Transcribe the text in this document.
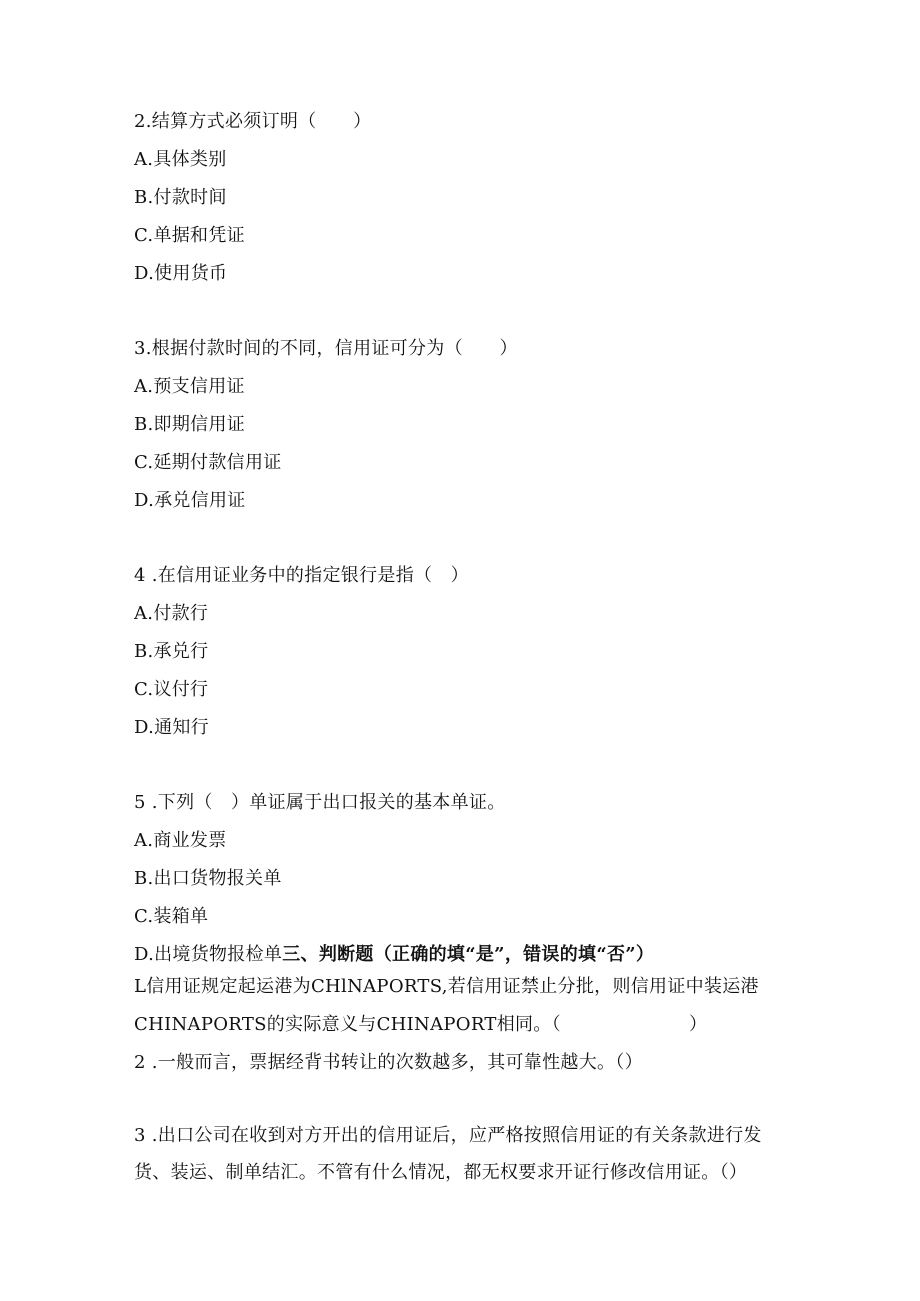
2.结算方式必须订明（　　）

A.具体类别

B.付款时间

C.单据和凭证

D.使用货币

3.根据付款时间的不同，信用证可分为（　　）

A.预支信用证

B.即期信用证

C.延期付款信用证

D.承兑信用证

4 .在信用证业务中的指定银行是指（　）

A.付款行

B.承兑行

C.议付行

D.通知行

5 .下列（　）单证属于出口报关的基本单证。

A.商业发票

B.出口货物报关单

C.装箱单

D.出境货物报检单三、判断题（正确的填“是”，错误的填“否”）

L信用证规定起运港为CHlNAPORTS,若信用证禁止分批，则信用证中装运港

CHINAPORTS的实际意义与CHINAPORT相同。（　　　　　　　）

2 .一般而言，票据经背书转让的次数越多，其可靠性越大。（）

3 .出口公司在收到对方开出的信用证后，应严格按照信用证的有关条款进行发

货、装运、制单结汇。不管有什么情况，都无权要求开证行修改信用证。（）
